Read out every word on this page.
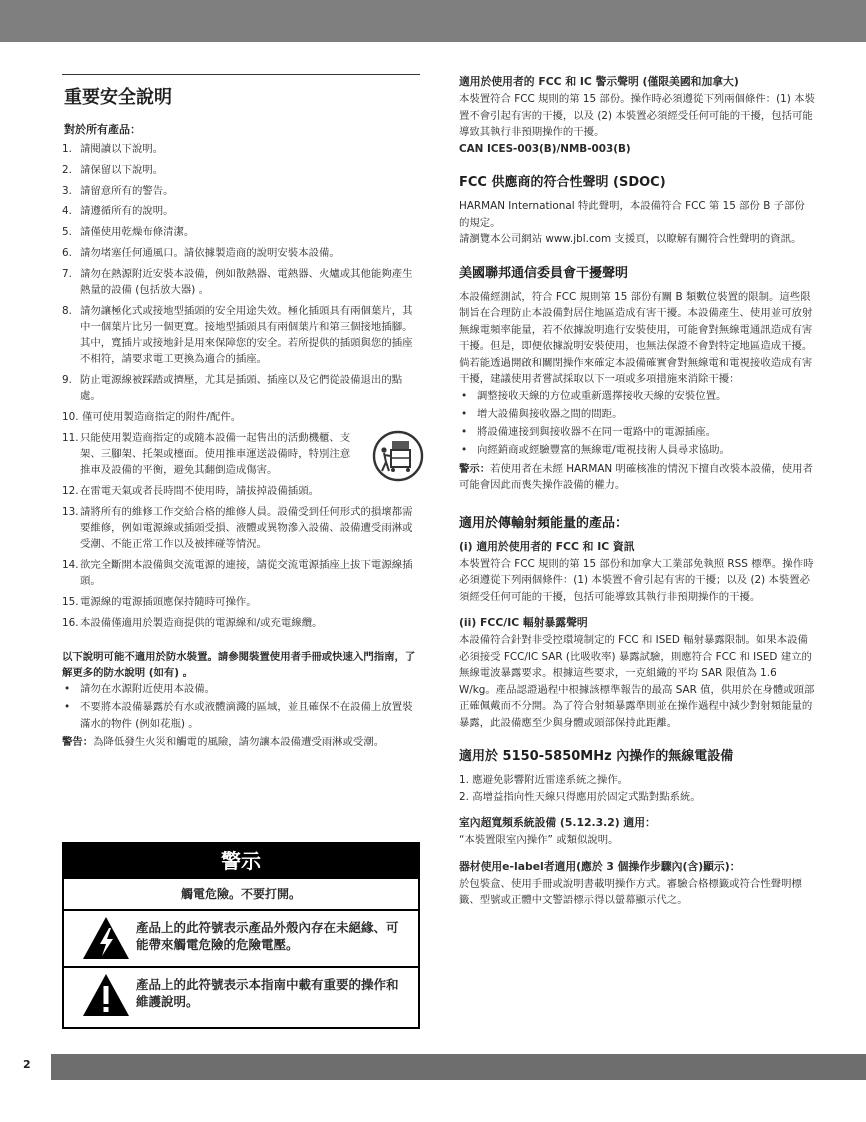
重要安全說明
對於所有產品：
1. 請閱讀以下說明。
2. 請保留以下說明。
3. 請留意所有的警告。
4. 請遵循所有的說明。
5. 請僅使用乾燥布條清潔。
6. 請勿堵塞任何通風口。請依據製造商的說明安裝本設備。
7. 請勿在熱源附近安裝本設備，例如散熱器、電熱器、火爐或其他能夠產生熱量的設備 (包括放大器) 。
8. 請勿讓極化式或接地型插頭的安全用途失效。極化插頭具有兩個葉片，其中一個葉片比另一個更寬。接地型插頭具有兩個葉片和第三個接地插腳。其中，寬插片或接地針是用來保障您的安全。若所提供的插頭與您的插座不相符，請要求電工更換為適合的插座。
9. 防止電源線被踩踏或擠壓，尤其是插頭、插座以及它們從設備退出的點處。
10. 僅可使用製造商指定的附件/配件。
11. 只能使用製造商指定的或隨本設備一起售出的活動機櫃、支架、三腳架、托架或檯面。使用推車運送設備時，特別注意推車及設備的平衡，避免其翻倒造成傷害。
12. 在雷電天氣或者長時間不使用時，請拔掉設備插頭。
13. 請將所有的維修工作交給合格的維修人員。設備受到任何形式的損壞都需要維修，例如電源線或插頭受損、液體或異物滲入設備、設備遭受雨淋或受潮、不能正常工作以及被摔碰等情況。
14. 欲完全斷開本設備與交流電源的連接，請從交流電源插座上拔下電源線插頭。
15. 電源線的電源插頭應保持隨時可操作。
16. 本設備僅適用於製造商提供的電源線和/或充電線纜。
以下說明可能不適用於防水裝置。請參閱裝置使用者手冊或快速入門指南，了解更多的防水說明 (如有) 。
• 請勿在水源附近使用本設備。
• 不要將本設備暴露於有水或液體滴濺的區域，並且確保不在設備上放置裝滿水的物件 (例如花瓶) 。
警告：為降低發生火災和觸電的風險，請勿讓本設備遭受雨淋或受潮。
警示
觸電危險。不要打開。
產品上的此符號表示產品外殼內存在未絕緣、可能帶來觸電危險的危險電壓。
產品上的此符號表示本指南中載有重要的操作和維護說明。
適用於使用者的 FCC 和 IC 警示聲明 (僅限美國和加拿大)
本裝置符合 FCC 規則的第 15 部份。操作時必須遵從下列兩個條件：(1) 本裝置不會引起有害的干擾，以及 (2) 本裝置必須經受任何可能的干擾，包括可能導致其執行非預期操作的干擾。
CAN ICES-003(B)/NMB-003(B)
FCC 供應商的符合性聲明 (SDOC)
HARMAN International 特此聲明，本設備符合 FCC 第 15 部份 B 子部份的規定。
請瀏覽本公司網站 www.jbl.com 支援頁，以瞭解有關符合性聲明的資訊。
美國聯邦通信委員會干擾聲明
本設備經測試，符合 FCC 規則第 15 部份有關 B 類數位裝置的限制。這些限制旨在合理防止本設備對居住地區造成有害干擾。本設備產生、使用並可放射無線電頻率能量，若不依據說明進行安裝使用，可能會對無線電通訊造成有害干擾。但是，即便依據說明安裝使用，也無法保證不會對特定地區造成干擾。倘若能透過開啟和關閉操作來確定本設備確實會對無線電和電視接收造成有害干擾，建議使用者嘗試採取以下一項或多項措施來消除干擾：
• 調整接收天線的方位或重新選擇接收天線的安裝位置。
• 增大設備與接收器之間的間距。
• 將設備連接到與接收器不在同一電路中的電源插座。
• 向經銷商或經驗豐富的無線電/電視技術人員尋求協助。
警示：若使用者在未經 HARMAN 明確核准的情況下擅自改裝本設備，使用者可能會因此而喪失操作設備的權力。
適用於傳輸射頻能量的產品：
(i) 適用於使用者的 FCC 和 IC 資訊
本裝置符合 FCC 規則的第 15 部份和加拿大工業部免執照 RSS 標準。操作時必須遵從下列兩個條件：(1) 本裝置不會引起有害的干擾；以及 (2) 本裝置必須經受任何可能的干擾，包括可能導致其執行非預期操作的干擾。
(ii) FCC/IC 輻射暴露聲明
本設備符合針對非受控環境制定的 FCC 和 ISED 輻射暴露限制。如果本設備必須接受 FCC/IC SAR (比吸收率) 暴露試驗，則應符合 FCC 和 ISED 建立的無線電波暴露要求。根據這些要求，一克組織的平均 SAR 限值為 1.6 W/kg。產品認證過程中根據該標準報告的最高 SAR 值，供用於在身體或頭部正確佩戴而不分開。為了符合射頻暴露準則並在操作過程中減少對射頻能量的暴露，此設備應至少與身體或頭部保持此距離。
適用於 5150-5850MHz 內操作的無線電設備
1. 應避免影響附近雷達系統之操作。
2. 高增益指向性天線只得應用於固定式點對點系統。
室內超寬頻系統設備 (5.12.3.2) 適用：
“本裝置限室內操作” 或類似說明。
器材使用e-label者適用(應於 3 個操作步驟內(含)顯示)：
於包裝盒、使用手冊或說明書載明操作方式。審驗合格標籤或符合性聲明標籤、型號或正體中文警語標示得以螢幕顯示代之。
2
